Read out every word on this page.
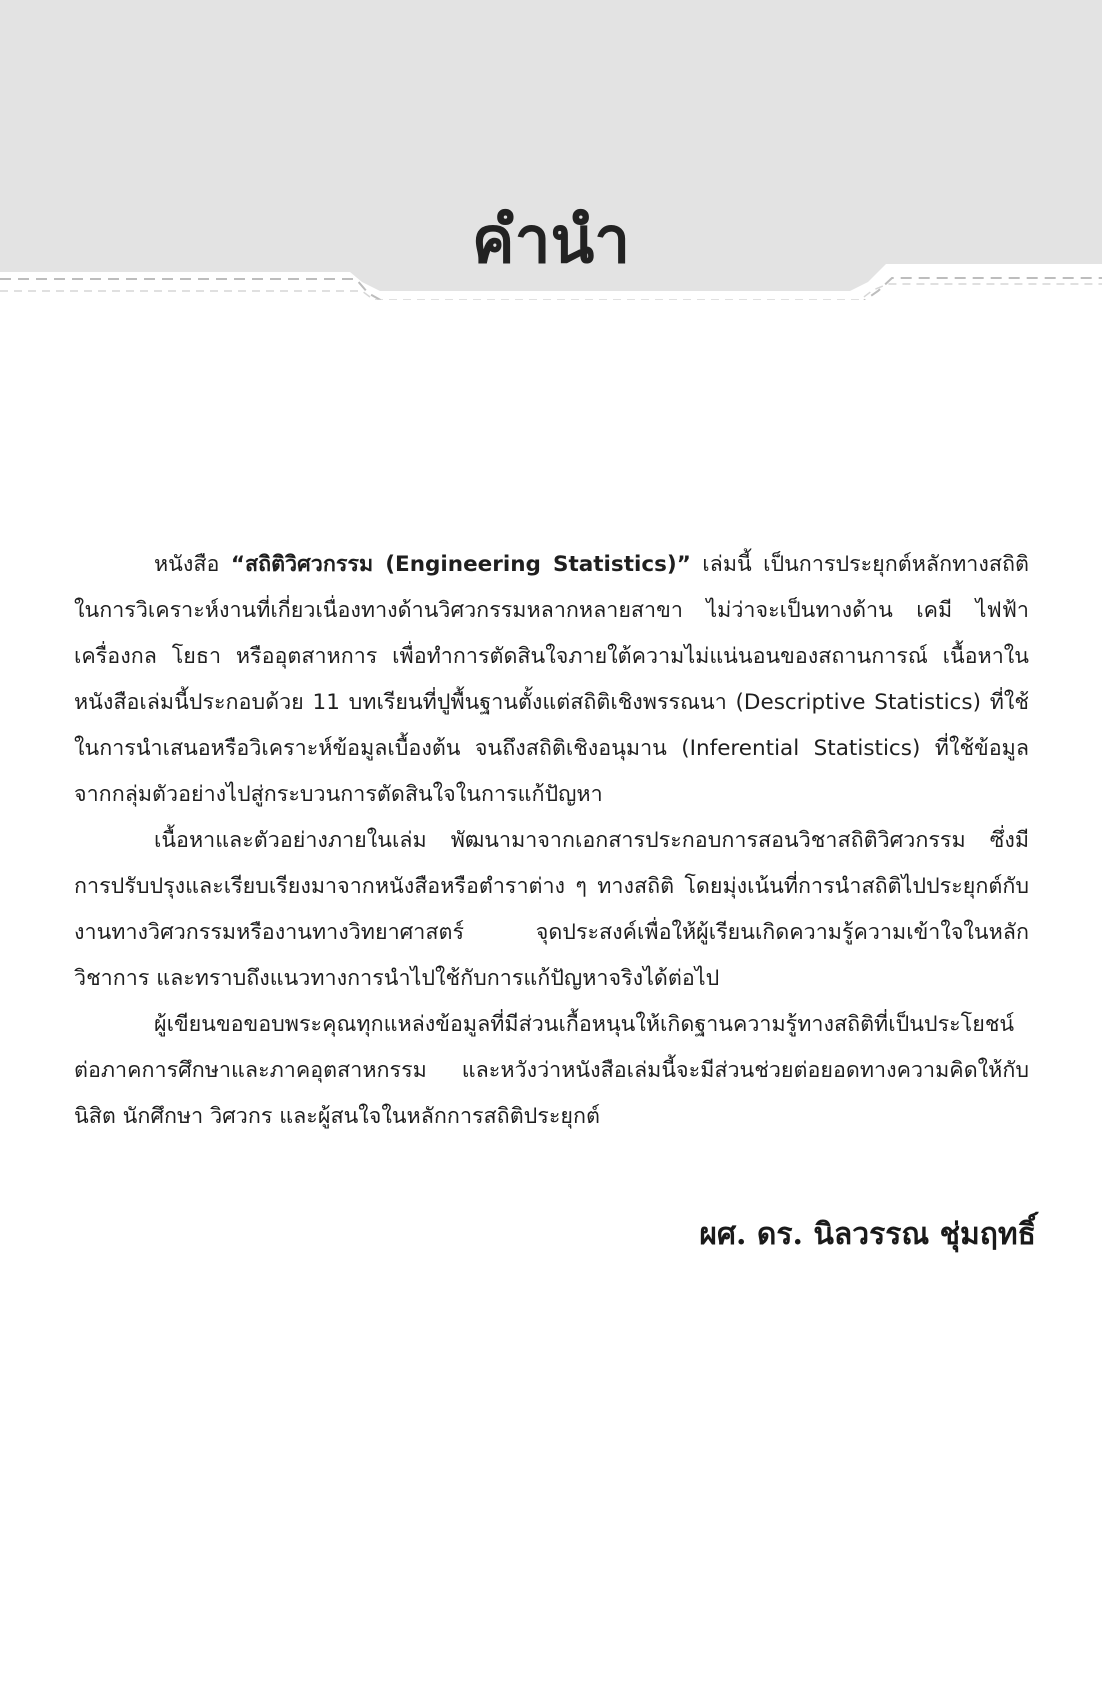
คำนำ

หนังสือ “สถิติวิศวกรรม (Engineering Statistics)” เล่มนี้ เป็นการประยุกต์หลักทางสถิติในการวิเคราะห์งานที่เกี่ยวเนื่องทางด้านวิศวกรรมหลากหลายสาขา ไม่ว่าจะเป็นทางด้าน เคมี ไฟฟ้า เครื่องกล โยธา หรืออุตสาหการ เพื่อทำการตัดสินใจภายใต้ความไม่แน่นอนของสถานการณ์ เนื้อหาในหนังสือเล่มนี้ประกอบด้วย 11 บทเรียนที่ปูพื้นฐานตั้งแต่สถิติเชิงพรรณนา (Descriptive Statistics) ที่ใช้ในการนำเสนอหรือวิเคราะห์ข้อมูลเบื้องต้น จนถึงสถิติเชิงอนุมาน (Inferential Statistics) ที่ใช้ข้อมูลจากกลุ่มตัวอย่างไปสู่กระบวนการตัดสินใจในการแก้ปัญหา

เนื้อหาและตัวอย่างภายในเล่ม พัฒนามาจากเอกสารประกอบการสอนวิชาสถิติวิศวกรรม ซึ่งมีการปรับปรุงและเรียบเรียงมาจากหนังสือหรือตำราต่าง ๆ ทางสถิติ โดยมุ่งเน้นที่การนำสถิติไปประยุกต์กับงานทางวิศวกรรมหรืองานทางวิทยาศาสตร์ จุดประสงค์เพื่อให้ผู้เรียนเกิดความรู้ความเข้าใจในหลักวิชาการ และทราบถึงแนวทางการนำไปใช้กับการแก้ปัญหาจริงได้ต่อไป

ผู้เขียนขอขอบพระคุณทุกแหล่งข้อมูลที่มีส่วนเกื้อหนุนให้เกิดฐานความรู้ทางสถิติที่เป็นประโยชน์ต่อภาคการศึกษาและภาคอุตสาหกรรม และหวังว่าหนังสือเล่มนี้จะมีส่วนช่วยต่อยอดทางความคิดให้กับนิสิต นักศึกษา วิศวกร และผู้สนใจในหลักการสถิติประยุกต์

ผศ. ดร. นิลวรรณ ชุ่มฤทธิ์
